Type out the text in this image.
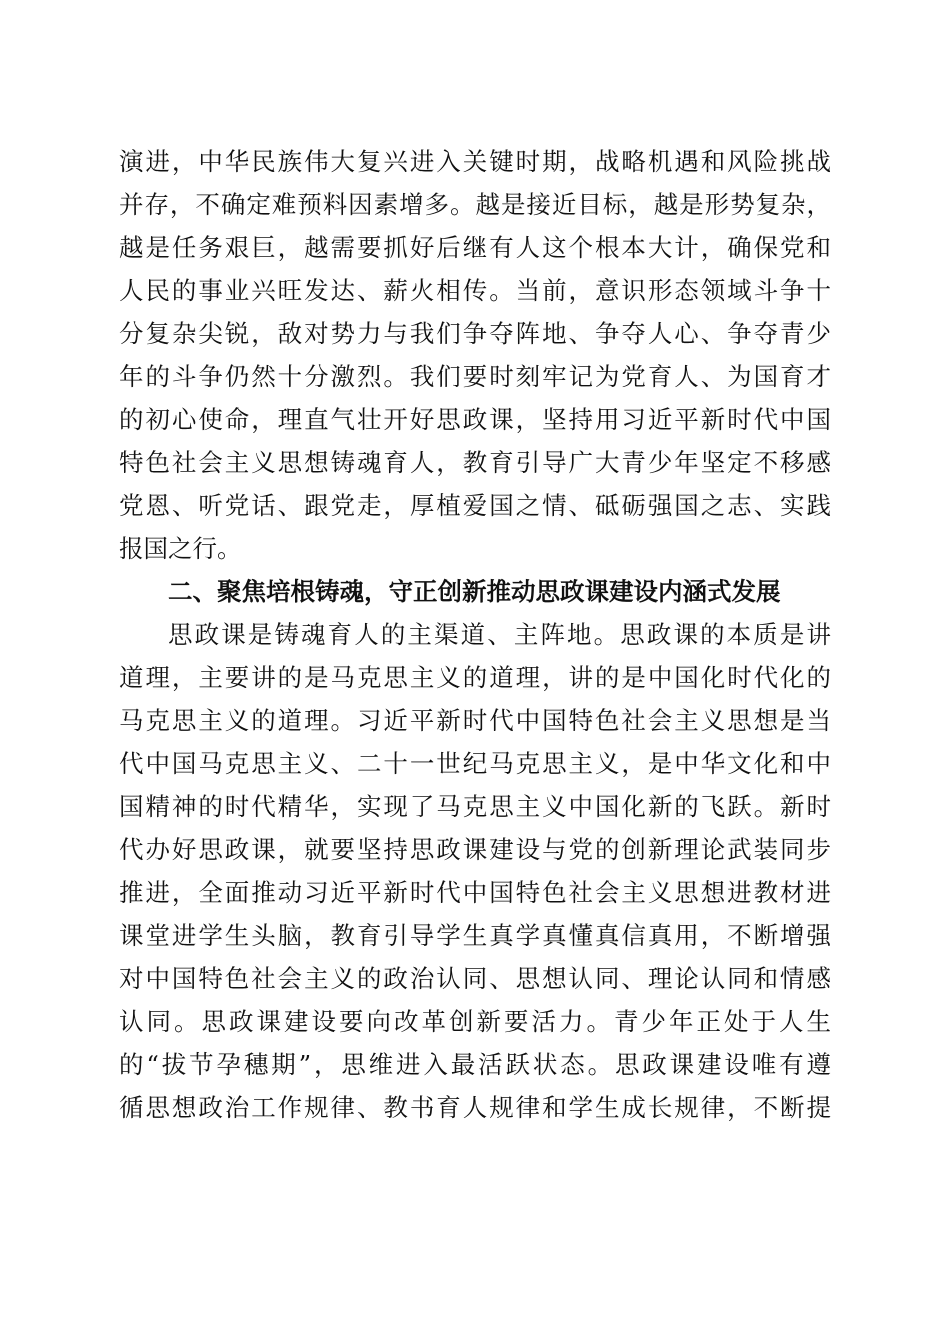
演进，中华民族伟大复兴进入关键时期，战略机遇和风险挑战
并存，不确定难预料因素增多。越是接近目标，越是形势复杂，
越是任务艰巨，越需要抓好后继有人这个根本大计，确保党和
人民的事业兴旺发达、薪火相传。当前，意识形态领域斗争十
分复杂尖锐，敌对势力与我们争夺阵地、争夺人心、争夺青少
年的斗争仍然十分激烈。我们要时刻牢记为党育人、为国育才
的初心使命，理直气壮开好思政课，坚持用习近平新时代中国
特色社会主义思想铸魂育人，教育引导广大青少年坚定不移感
党恩、听党话、跟党走，厚植爱国之情、砥砺强国之志、实践
报国之行。
二、聚焦培根铸魂，守正创新推动思政课建设内涵式发展
思政课是铸魂育人的主渠道、主阵地。思政课的本质是讲
道理，主要讲的是马克思主义的道理，讲的是中国化时代化的
马克思主义的道理。习近平新时代中国特色社会主义思想是当
代中国马克思主义、二十一世纪马克思主义，是中华文化和中
国精神的时代精华，实现了马克思主义中国化新的飞跃。新时
代办好思政课，就要坚持思政课建设与党的创新理论武装同步
推进，全面推动习近平新时代中国特色社会主义思想进教材进
课堂进学生头脑，教育引导学生真学真懂真信真用，不断增强
对中国特色社会主义的政治认同、思想认同、理论认同和情感
认同。思政课建设要向改革创新要活力。青少年正处于人生
的“拔节孕穗期”，思维进入最活跃状态。思政课建设唯有遵
循思想政治工作规律、教书育人规律和学生成长规律，不断提
